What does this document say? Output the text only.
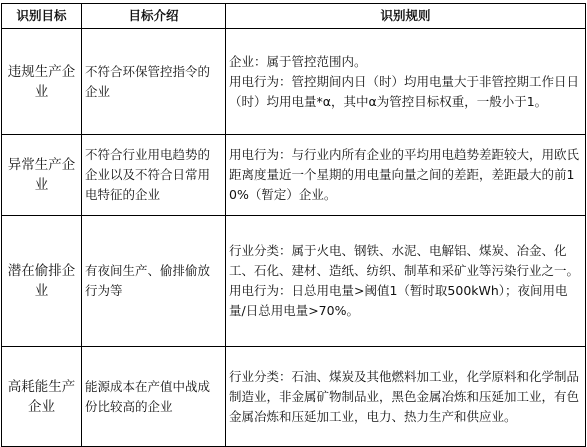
识别目标	目标介绍	识别规则
违规生产企业	不符合环保管控指令的企业	企业：属于管控范围内。
用电行为：管控期间内日（时）均用电量大于非管控期工作日日（时）均用电量*α，其中α为管控目标权重，一般小于1。

异常生产企业	不符合行业用电趋势的企业以及不符合日常用电特征的企业	用电行为：与行业内所有企业的平均用电趋势差距较大，用欧氏距离度量近一个星期的用电量向量之间的差距，差距最大的前10%（暂定）企业。

潜在偷排企业	有夜间生产、偷排偷放行为等	行业分类：属于火电、钢铁、水泥、电解铝、煤炭、冶金、化工、石化、建材、造纸、纺织、制革和采矿业等污染行业之一。
用电行为：日总用电量>阈值1（暂时取500kWh）；夜间用电量/日总用电量>70%。

高耗能生产企业	能源成本在产值中战成份比较高的企业	行业分类：石油、煤炭及其他燃料加工业，化学原料和化学制品制造业，非金属矿物制品业，黑色金属冶炼和压延加工业，有色金属冶炼和压延加工业，电力、热力生产和供应业。
